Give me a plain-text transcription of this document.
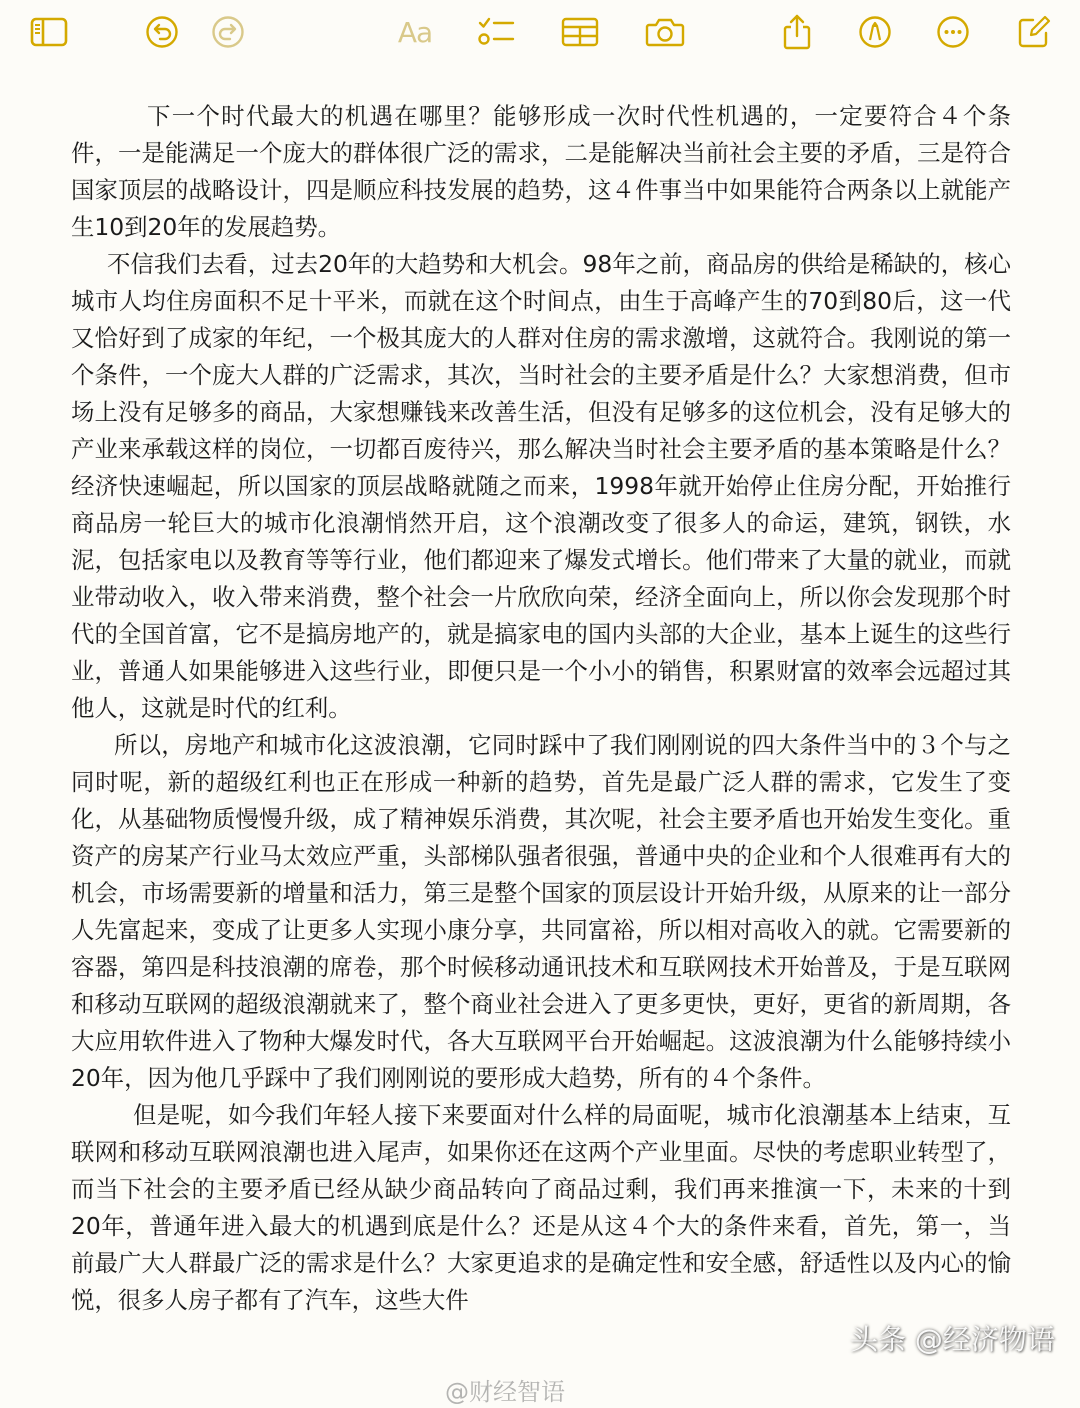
Aa

下一个时代最大的机遇在哪里？能够形成一次时代性机遇的，一定要符合４个条件，一是能满足一个庞大的群体很广泛的需求，二是能解决当前社会主要的矛盾，三是符合国家顶层的战略设计，四是顺应科技发展的趋势，这４件事当中如果能符合两条以上就能产生10到20年的发展趋势。

不信我们去看，过去20年的大趋势和大机会。98年之前，商品房的供给是稀缺的，核心城市人均住房面积不足十平米，而就在这个时间点，由生于高峰产生的70到80后，这一代又恰好到了成家的年纪，一个极其庞大的人群对住房的需求激增，这就符合。我刚说的第一个条件，一个庞大人群的广泛需求，其次，当时社会的主要矛盾是什么？大家想消费，但市场上没有足够多的商品，大家想赚钱来改善生活，但没有足够多的这位机会，没有足够大的产业来承载这样的岗位，一切都百废待兴，那么解决当时社会主要矛盾的基本策略是什么？经济快速崛起，所以国家的顶层战略就随之而来，1998年就开始停止住房分配，开始推行商品房一轮巨大的城市化浪潮悄然开启，这个浪潮改变了很多人的命运，建筑，钢铁，水泥，包括家电以及教育等等行业，他们都迎来了爆发式增长。他们带来了大量的就业，而就业带动收入，收入带来消费，整个社会一片欣欣向荣，经济全面向上，所以你会发现那个时代的全国首富，它不是搞房地产的，就是搞家电的国内头部的大企业，基本上诞生的这些行业，普通人如果能够进入这些行业，即便只是一个小小的销售，积累财富的效率会远超过其他人，这就是时代的红利。

所以，房地产和城市化这波浪潮，它同时踩中了我们刚刚说的四大条件当中的３个与之同时呢，新的超级红利也正在形成一种新的趋势，首先是最广泛人群的需求，它发生了变化，从基础物质慢慢升级，成了精神娱乐消费，其次呢，社会主要矛盾也开始发生变化。重资产的房某产行业马太效应严重，头部梯队强者很强，普通中央的企业和个人很难再有大的机会，市场需要新的增量和活力，第三是整个国家的顶层设计开始升级，从原来的让一部分人先富起来，变成了让更多人实现小康分享，共同富裕，所以相对高收入的就。它需要新的容器，第四是科技浪潮的席卷，那个时候移动通讯技术和互联网技术开始普及，于是互联网和移动互联网的超级浪潮就来了，整个商业社会进入了更多更快，更好，更省的新周期，各大应用软件进入了物种大爆发时代，各大互联网平台开始崛起。这波浪潮为什么能够持续小20年，因为他几乎踩中了我们刚刚说的要形成大趋势，所有的４个条件。

但是呢，如今我们年轻人接下来要面对什么样的局面呢，城市化浪潮基本上结束，互联网和移动互联网浪潮也进入尾声，如果你还在这两个产业里面。尽快的考虑职业转型了，而当下社会的主要矛盾已经从缺少商品转向了商品过剩，我们再来推演一下，未来的十到20年，普通年进入最大的机遇到底是什么？还是从这４个大的条件来看，首先，第一，当前最广大人群最广泛的需求是什么？大家更追求的是确定性和安全感，舒适性以及内心的愉悦，很多人房子都有了汽车，这些大件

@财经智语
头条 @经济物语
